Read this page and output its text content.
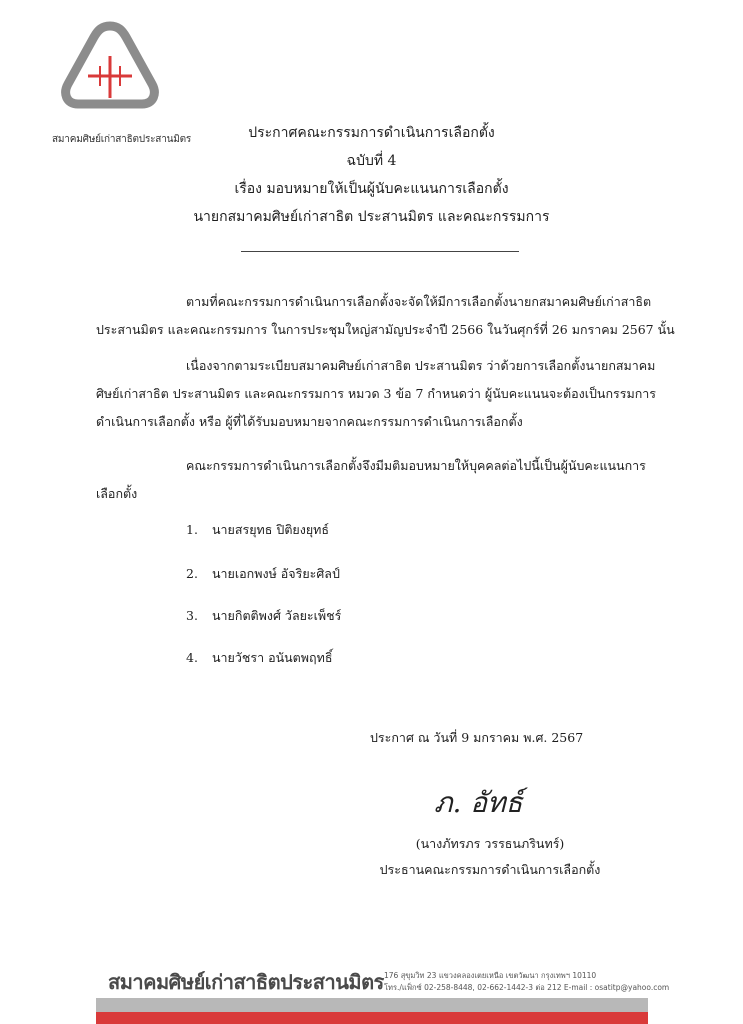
สมาคมศิษย์เก่าสาธิตประสานมิตร	ประกาศคณะกรรมการดำเนินการเลือกตั้ง
ฉบับที่ 4
เรื่อง มอบหมายให้เป็นผู้นับคะแนนการเลือกตั้ง
นายกสมาคมศิษย์เก่าสาธิต ประสานมิตร และคณะกรรมการ
ตามที่คณะกรรมการดำเนินการเลือกตั้งจะจัดให้มีการเลือกตั้งนายกสมาคมศิษย์เก่าสาธิต
ประสานมิตร และคณะกรรมการ ในการประชุมใหญ่สามัญประจำปี 2566 ในวันศุกร์ที่ 26 มกราคม 2567 นั้น
เนื่องจากตามระเบียบสมาคมศิษย์เก่าสาธิต ประสานมิตร ว่าด้วยการเลือกตั้งนายกสมาคม
ศิษย์เก่าสาธิต ประสานมิตร และคณะกรรมการ หมวด 3 ข้อ 7 กำหนดว่า ผู้นับคะแนนจะต้องเป็นกรรมการ
ดำเนินการเลือกตั้ง หรือ ผู้ที่ได้รับมอบหมายจากคณะกรรมการดำเนินการเลือกตั้ง
คณะกรรมการดำเนินการเลือกตั้งจึงมีมติมอบหมายให้บุคคลต่อไปนี้เป็นผู้นับคะแนนการ
เลือกตั้ง
1. นายสรยุทธ ปิติยงยุทธ์
2. นายเอกพงษ์ อัจริยะศิลป์
3. นายกิตติพงศ์ วัลยะเพ็ชร์
4. นายวัชรา อนันตพฤทธิ์
ประกาศ ณ วันที่ 9 มกราคม พ.ศ. 2567
ภ. อัทธ์
(นางภัทรภร วรรธนภรินทร์)
ประธานคณะกรรมการดำเนินการเลือกตั้ง
สมาคมศิษย์เก่าสาธิตประสานมิตร 176 สุขุมวิท 23 แขวงคลองเตยเหนือ เขตวัฒนา กรุงเทพฯ 10110
โทร./แฟ็กซ์ 02-258-8448, 02-662-1442-3 ต่อ 212 E-mail : osatitp@yahoo.com
